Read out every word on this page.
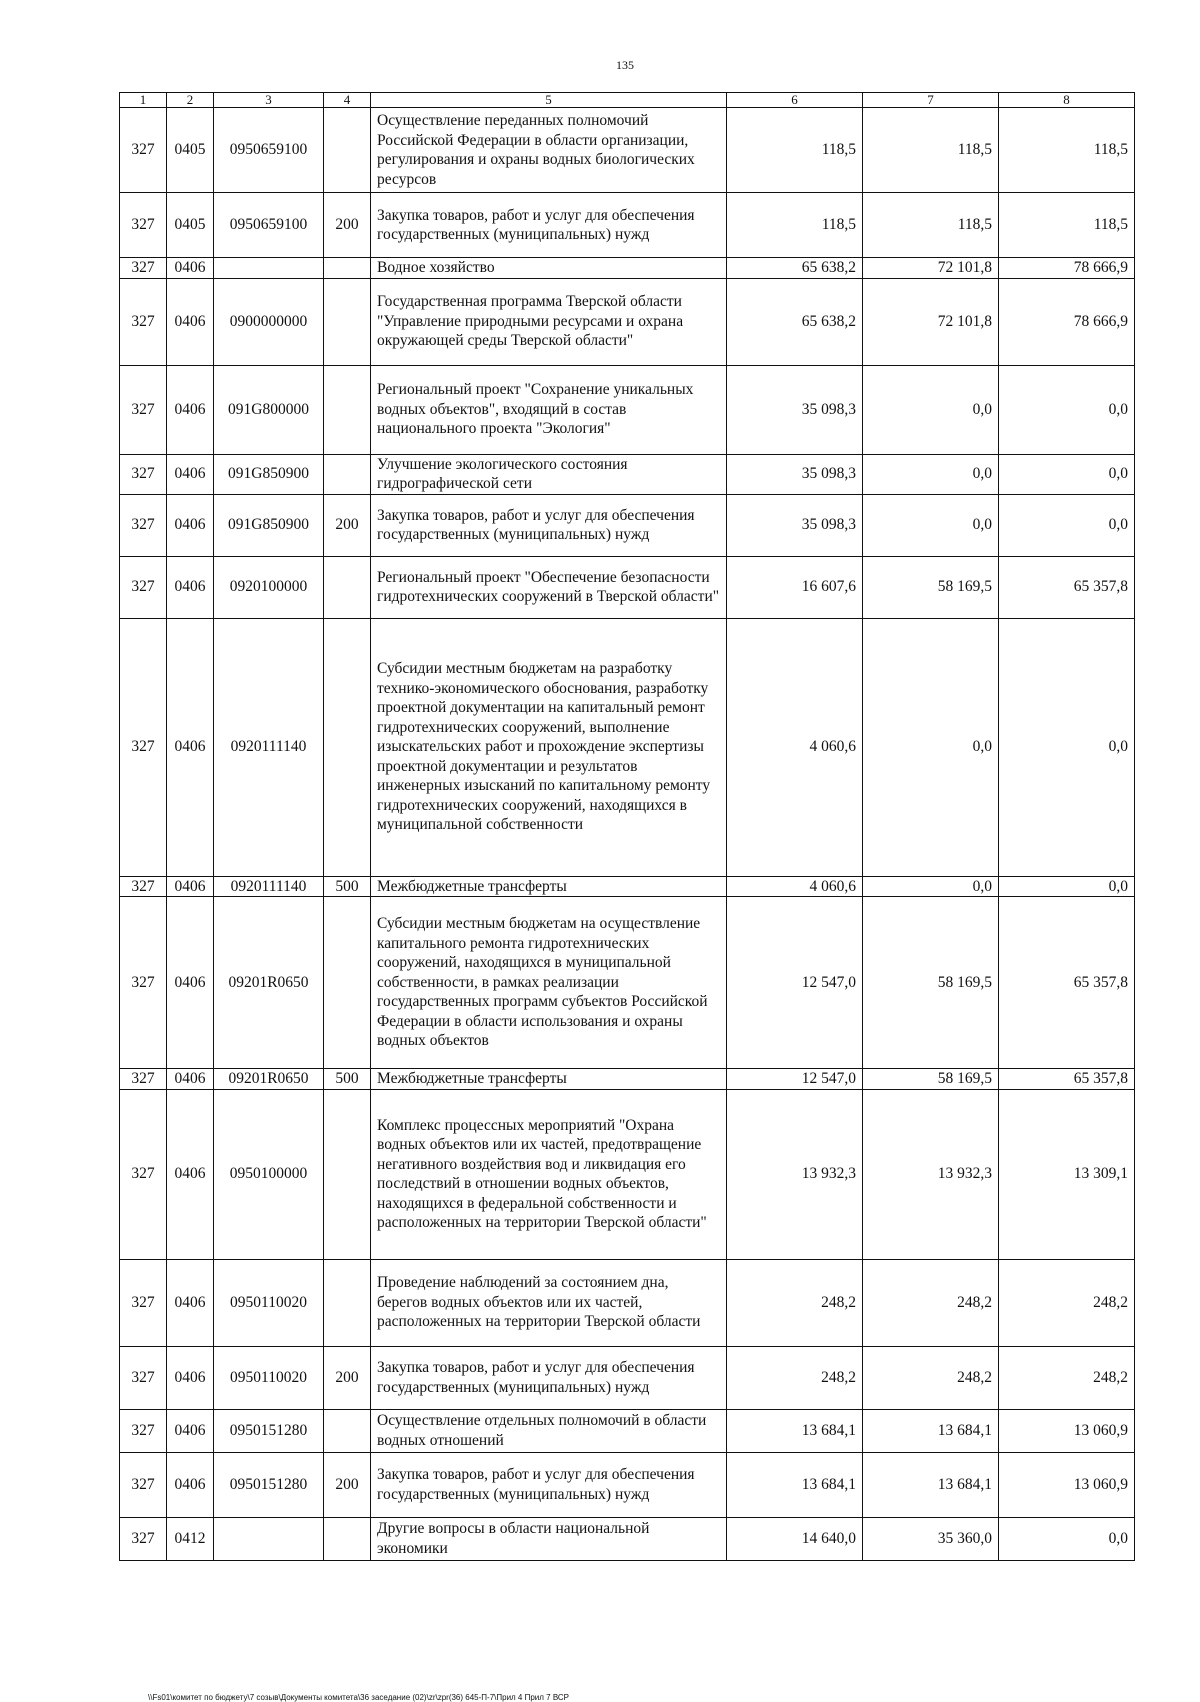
135
1	2	3	4	5	6	7	8
327	0405	0950659100		Осуществление переданных полномочий Российской Федерации в области организации, регулирования и охраны водных биологических ресурсов	118,5	118,5	118,5
327	0405	0950659100	200	Закупка товаров, работ и услуг для обеспечения государственных (муниципальных) нужд	118,5	118,5	118,5
327	0406			Водное хозяйство	65 638,2	72 101,8	78 666,9
327	0406	0900000000		Государственная программа Тверской области "Управление природными ресурсами и охрана окружающей среды Тверской области"	65 638,2	72 101,8	78 666,9
327	0406	091G800000		Региональный проект "Сохранение уникальных водных объектов", входящий в состав национального проекта "Экология"	35 098,3	0,0	0,0
327	0406	091G850900		Улучшение экологического состояния гидрографической сети	35 098,3	0,0	0,0
327	0406	091G850900	200	Закупка товаров, работ и услуг для обеспечения государственных (муниципальных) нужд	35 098,3	0,0	0,0
327	0406	0920100000		Региональный проект "Обеспечение безопасности гидротехнических сооружений в Тверской области"	16 607,6	58 169,5	65 357,8
327	0406	0920111140		Субсидии местным бюджетам на разработку технико-экономического обоснования, разработку проектной документации на капитальный ремонт гидротехнических сооружений, выполнение изыскательских работ и прохождение экспертизы проектной документации и результатов инженерных изысканий по капитальному ремонту гидротехнических сооружений, находящихся в муниципальной собственности	4 060,6	0,0	0,0
327	0406	0920111140	500	Межбюджетные трансферты	4 060,6	0,0	0,0
327	0406	09201R0650		Субсидии местным бюджетам на осуществление капитального ремонта гидротехнических сооружений, находящихся в муниципальной собственности, в рамках реализации государственных программ субъектов Российской Федерации в области использования и охраны водных объектов	12 547,0	58 169,5	65 357,8
327	0406	09201R0650	500	Межбюджетные трансферты	12 547,0	58 169,5	65 357,8
327	0406	0950100000		Комплекс процессных мероприятий "Охрана водных объектов или их частей, предотвращение негативного воздействия вод и ликвидация его последствий в отношении водных объектов, находящихся в федеральной собственности и расположенных на территории Тверской области"	13 932,3	13 932,3	13 309,1
327	0406	0950110020		Проведение наблюдений за состоянием дна, берегов водных объектов или их частей, расположенных на территории Тверской области	248,2	248,2	248,2
327	0406	0950110020	200	Закупка товаров, работ и услуг для обеспечения государственных (муниципальных) нужд	248,2	248,2	248,2
327	0406	0950151280		Осуществление отдельных полномочий в области водных отношений	13 684,1	13 684,1	13 060,9
327	0406	0950151280	200	Закупка товаров, работ и услуг для обеспечения государственных (муниципальных) нужд	13 684,1	13 684,1	13 060,9
327	0412			Другие вопросы в области национальной экономики	14 640,0	35 360,0	0,0
\\Fs01\комитет по бюджету\7 созыв\Документы комитета\36 заседание (02)\zr\zpr(36) 645-П-7\Прил 4 Прил 7 ВСР
